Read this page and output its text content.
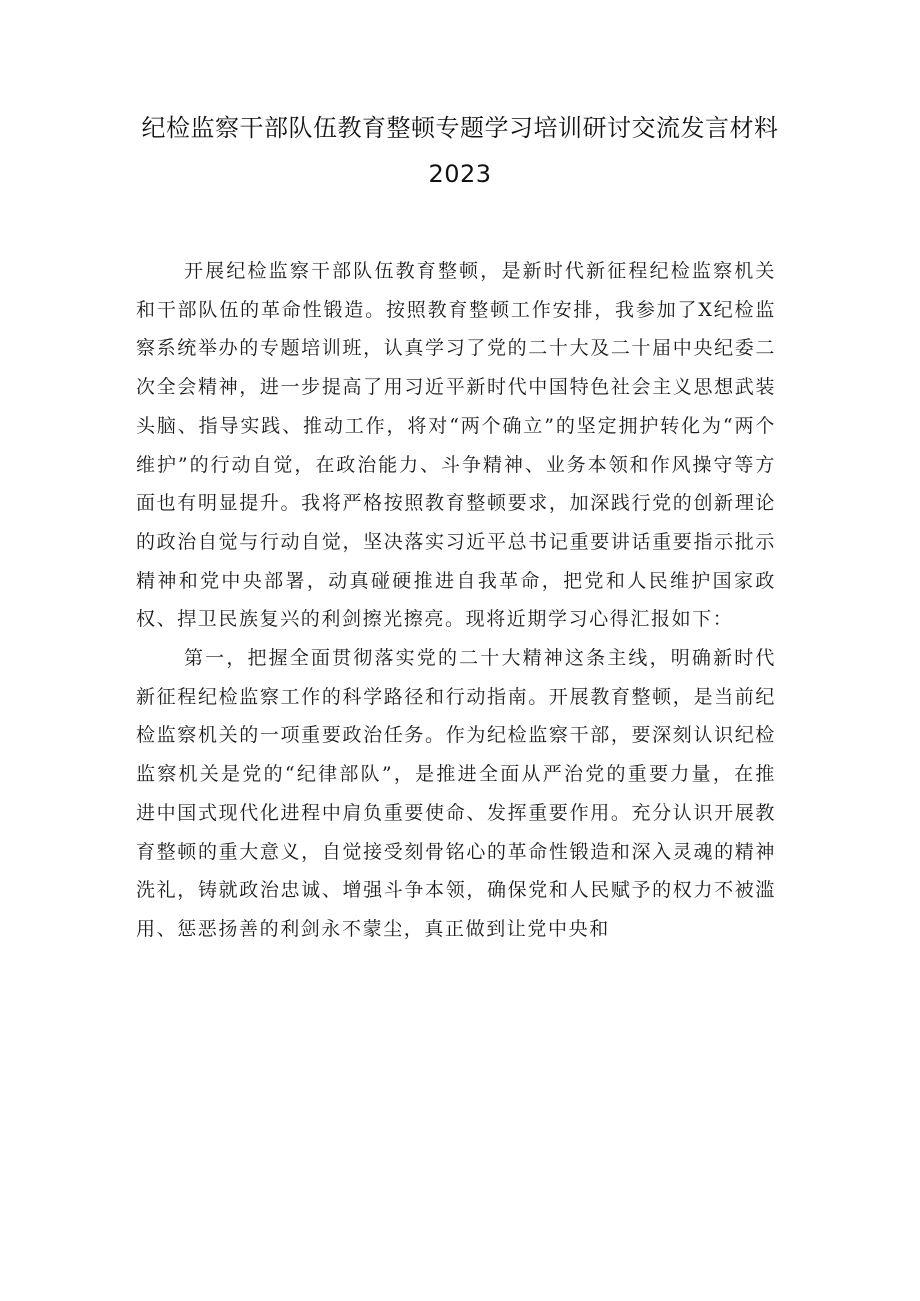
纪检监察干部队伍教育整顿专题学习培训研讨交流发言材料2023

开展纪检监察干部队伍教育整顿，是新时代新征程纪检监察机关和干部队伍的革命性锻造。按照教育整顿工作安排，我参加了X纪检监察系统举办的专题培训班，认真学习了党的二十大及二十届中央纪委二次全会精神，进一步提高了用习近平新时代中国特色社会主义思想武装头脑、指导实践、推动工作，将对“两个确立”的坚定拥护转化为“两个维护”的行动自觉，在政治能力、斗争精神、业务本领和作风操守等方面也有明显提升。我将严格按照教育整顿要求，加深践行党的创新理论的政治自觉与行动自觉，坚决落实习近平总书记重要讲话重要指示批示精神和党中央部署，动真碰硬推进自我革命，把党和人民维护国家政权、捍卫民族复兴的利剑擦光擦亮。现将近期学习心得汇报如下：

第一，把握全面贯彻落实党的二十大精神这条主线，明确新时代新征程纪检监察工作的科学路径和行动指南。开展教育整顿，是当前纪检监察机关的一项重要政治任务。作为纪检监察干部，要深刻认识纪检监察机关是党的“纪律部队”，是推进全面从严治党的重要力量，在推进中国式现代化进程中肩负重要使命、发挥重要作用。充分认识开展教育整顿的重大意义，自觉接受刻骨铭心的革命性锻造和深入灵魂的精神洗礼，铸就政治忠诚、增强斗争本领，确保党和人民赋予的权力不被滥用、惩恶扬善的利剑永不蒙尘，真正做到让党中央和
